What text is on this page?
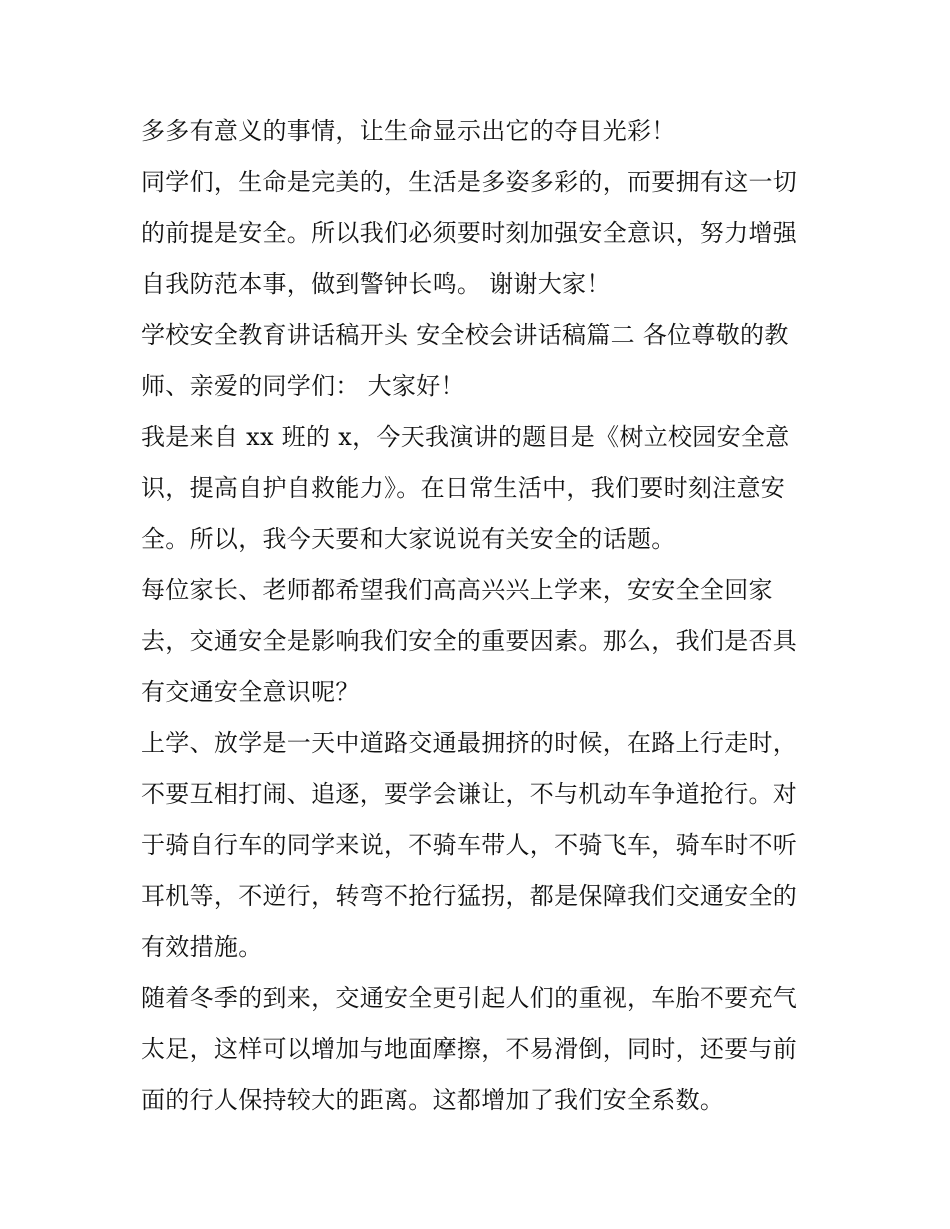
多多有意义的事情，让生命显示出它的夺目光彩！

同学们，生命是完美的，生活是多姿多彩的，而要拥有这一切
的前提是安全。所以我们必须要时刻加强安全意识，努力增强
自我防范本事，做到警钟长鸣。 谢谢大家！

学校安全教育讲话稿开头 安全校会讲话稿篇二 各位尊敬的教
师、亲爱的同学们： 大家好！

我是来自 xx 班的 x，今天我演讲的题目是《树立校园安全意
识，提高自护自救能力》。在日常生活中，我们要时刻注意安
全。所以，我今天要和大家说说有关安全的话题。

每位家长、老师都希望我们高高兴兴上学来，安安全全回家
去，交通安全是影响我们安全的重要因素。那么，我们是否具
有交通安全意识呢？

上学、放学是一天中道路交通最拥挤的时候，在路上行走时，
不要互相打闹、追逐，要学会谦让，不与机动车争道抢行。对
于骑自行车的同学来说，不骑车带人，不骑飞车，骑车时不听
耳机等，不逆行，转弯不抢行猛拐，都是保障我们交通安全的
有效措施。

随着冬季的到来，交通安全更引起人们的重视，车胎不要充气
太足，这样可以增加与地面摩擦，不易滑倒，同时，还要与前
面的行人保持较大的距离。这都增加了我们安全系数。
